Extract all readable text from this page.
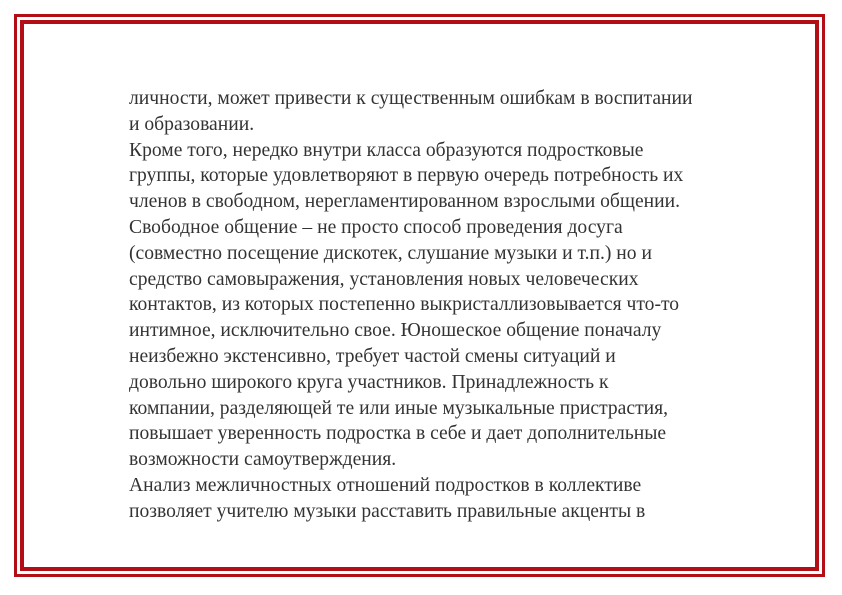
личности, может привести к существенным ошибкам в воспитании
и образовании.
Кроме того, нередко внутри класса образуются подростковые
группы, которые удовлетворяют в первую очередь потребность их
членов в свободном, нерегламентированном взрослыми общении.
Свободное общение – не просто способ проведения досуга
(совместно посещение дискотек, слушание музыки и т.п.) но и
средство самовыражения, установления новых человеческих
контактов, из которых постепенно выкристаллизовывается что-то
интимное, исключительно свое. Юношеское общение поначалу
неизбежно экстенсивно, требует частой смены ситуаций и
довольно широкого круга участников. Принадлежность к
компании, разделяющей те или иные музыкальные пристрастия,
повышает уверенность подростка в себе и дает дополнительные
возможности самоутверждения.
Анализ межличностных отношений подростков в коллективе
позволяет учителю музыки расставить правильные акценты в
